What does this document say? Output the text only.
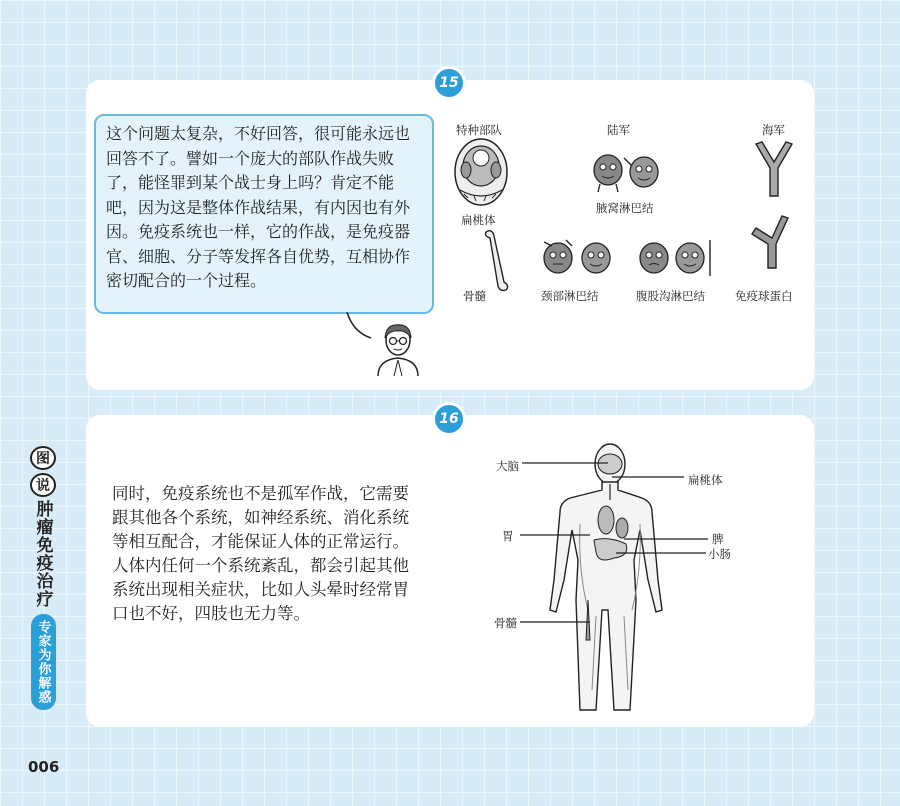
15
这个问题太复杂，不好回答，很可能永远也回答不了。譬如一个庞大的部队作战失败了，能怪罪到某个战士身上吗？肯定不能吧，因为这是整体作战结果，有内因也有外因。免疫系统也一样，它的作战，是免疫器官、细胞、分子等发挥各自优势，互相协作密切配合的一个过程。
特种部队	陆军	海军
扁桃体
腋窝淋巴结
骨髓	颈部淋巴结	腹股沟淋巴结	免疫球蛋白
16
同时，免疫系统也不是孤军作战，它需要跟其他各个系统，如神经系统、消化系统等相互配合，才能保证人体的正常运行。人体内任何一个系统紊乱，都会引起其他系统出现相关症状，比如人头晕时经常胃口也不好，四肢也无力等。
大脑
扁桃体
胃	脾
小肠
骨髓
图
说
肿瘤免疫治疗
专家为你解惑
006
